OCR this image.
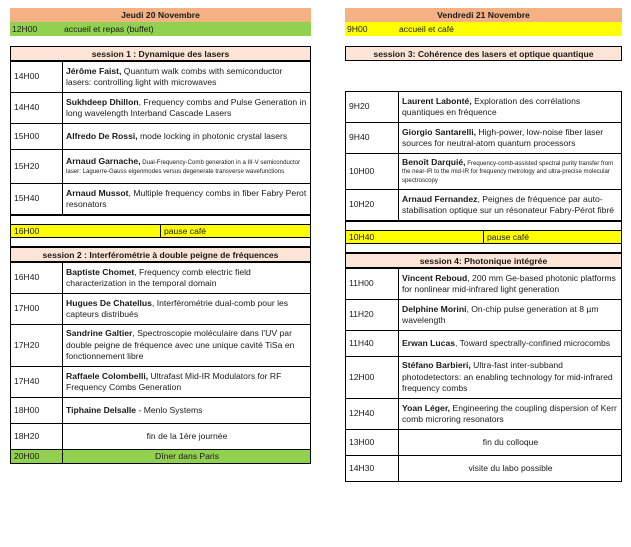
Jeudi 20 Novembre
12H00	accueil et repas (buffet)
session 1 : Dynamique des lasers
14H00	Jérôme Faist, Quantum walk combs with semiconductor lasers: controlling light with microwaves
14H40	Sukhdeep Dhillon, Frequency combs and Pulse Generation in long wavelength Interband Cascade Lasers
15H00	Alfredo De Rossi, mode locking in photonic crystal lasers
15H20	Arnaud Garnache, Dual-Frequency-Comb generation in a III-V semiconductor laser: Laguerre-Gauss eigenmodes versus degenerate transverse wavefunctions
15H40	Arnaud Mussot, Multiple frequency combs in fiber Fabry Perot resonators

16H00	pause café

session 2 : Interférométrie à double peigne de fréquences
16H40	Baptiste Chomet, Frequency comb electric field characterization in the temporal domain
17H00	Hugues De Chatellus, Interférométrie dual-comb pour les capteurs distribués
17H20	Sandrine Galtier, Spectroscopie moléculaire dans l’UV par double peigne de fréquence avec une unique cavité TiSa en fonctionnement libre
17H40	Raffaele Colombelli, Ultrafast Mid-IR Modulators for RF Frequency Combs Generation
18H00	Tiphaine Delsalle - Menlo Systems
18H20	fin de la 1ère journée
20H00	Dîner dans Paris
Vendredi 21 Novembre
9H00	accueil et café
session 3: Cohérence des lasers et optique quantique
9H20	Laurent Labonté, Exploration des corrélations quantiques en fréquence
9H40	Giorgio Santarelli, High-power, low-noise fiber laser sources for neutral-atom quantum processors
10H00	Benoît Darquié, Frequency-comb-assisted spectral purity transfer from the near-IR to the mid-IR for frequency metrology and ultra-precise molecular spectroscopy
10H20	Arnaud Fernandez, Peignes de fréquence par auto-stabilisation optique sur un résonateur Fabry-Pérot fibré

10H40	pause café

session 4: Photonique intégrée
11H00	Vincent Reboud, 200 mm Ge-based photonic platforms for nonlinear mid-infrared light generation
11H20	Delphine Morini, On-chip pulse generation at 8 µm wavelength
11H40	Erwan Lucas, Toward spectrally-confined microcombs
12H00	Stéfano Barbieri, Ultra-fast inter-subband photodetectors: an enabling technology for mid-infrared frequency combs
12H40	Yoan Léger, Engineering the coupling dispersion of Kerr comb microring resonators
13H00	fin du colloque
14H30	visite du labo possible
